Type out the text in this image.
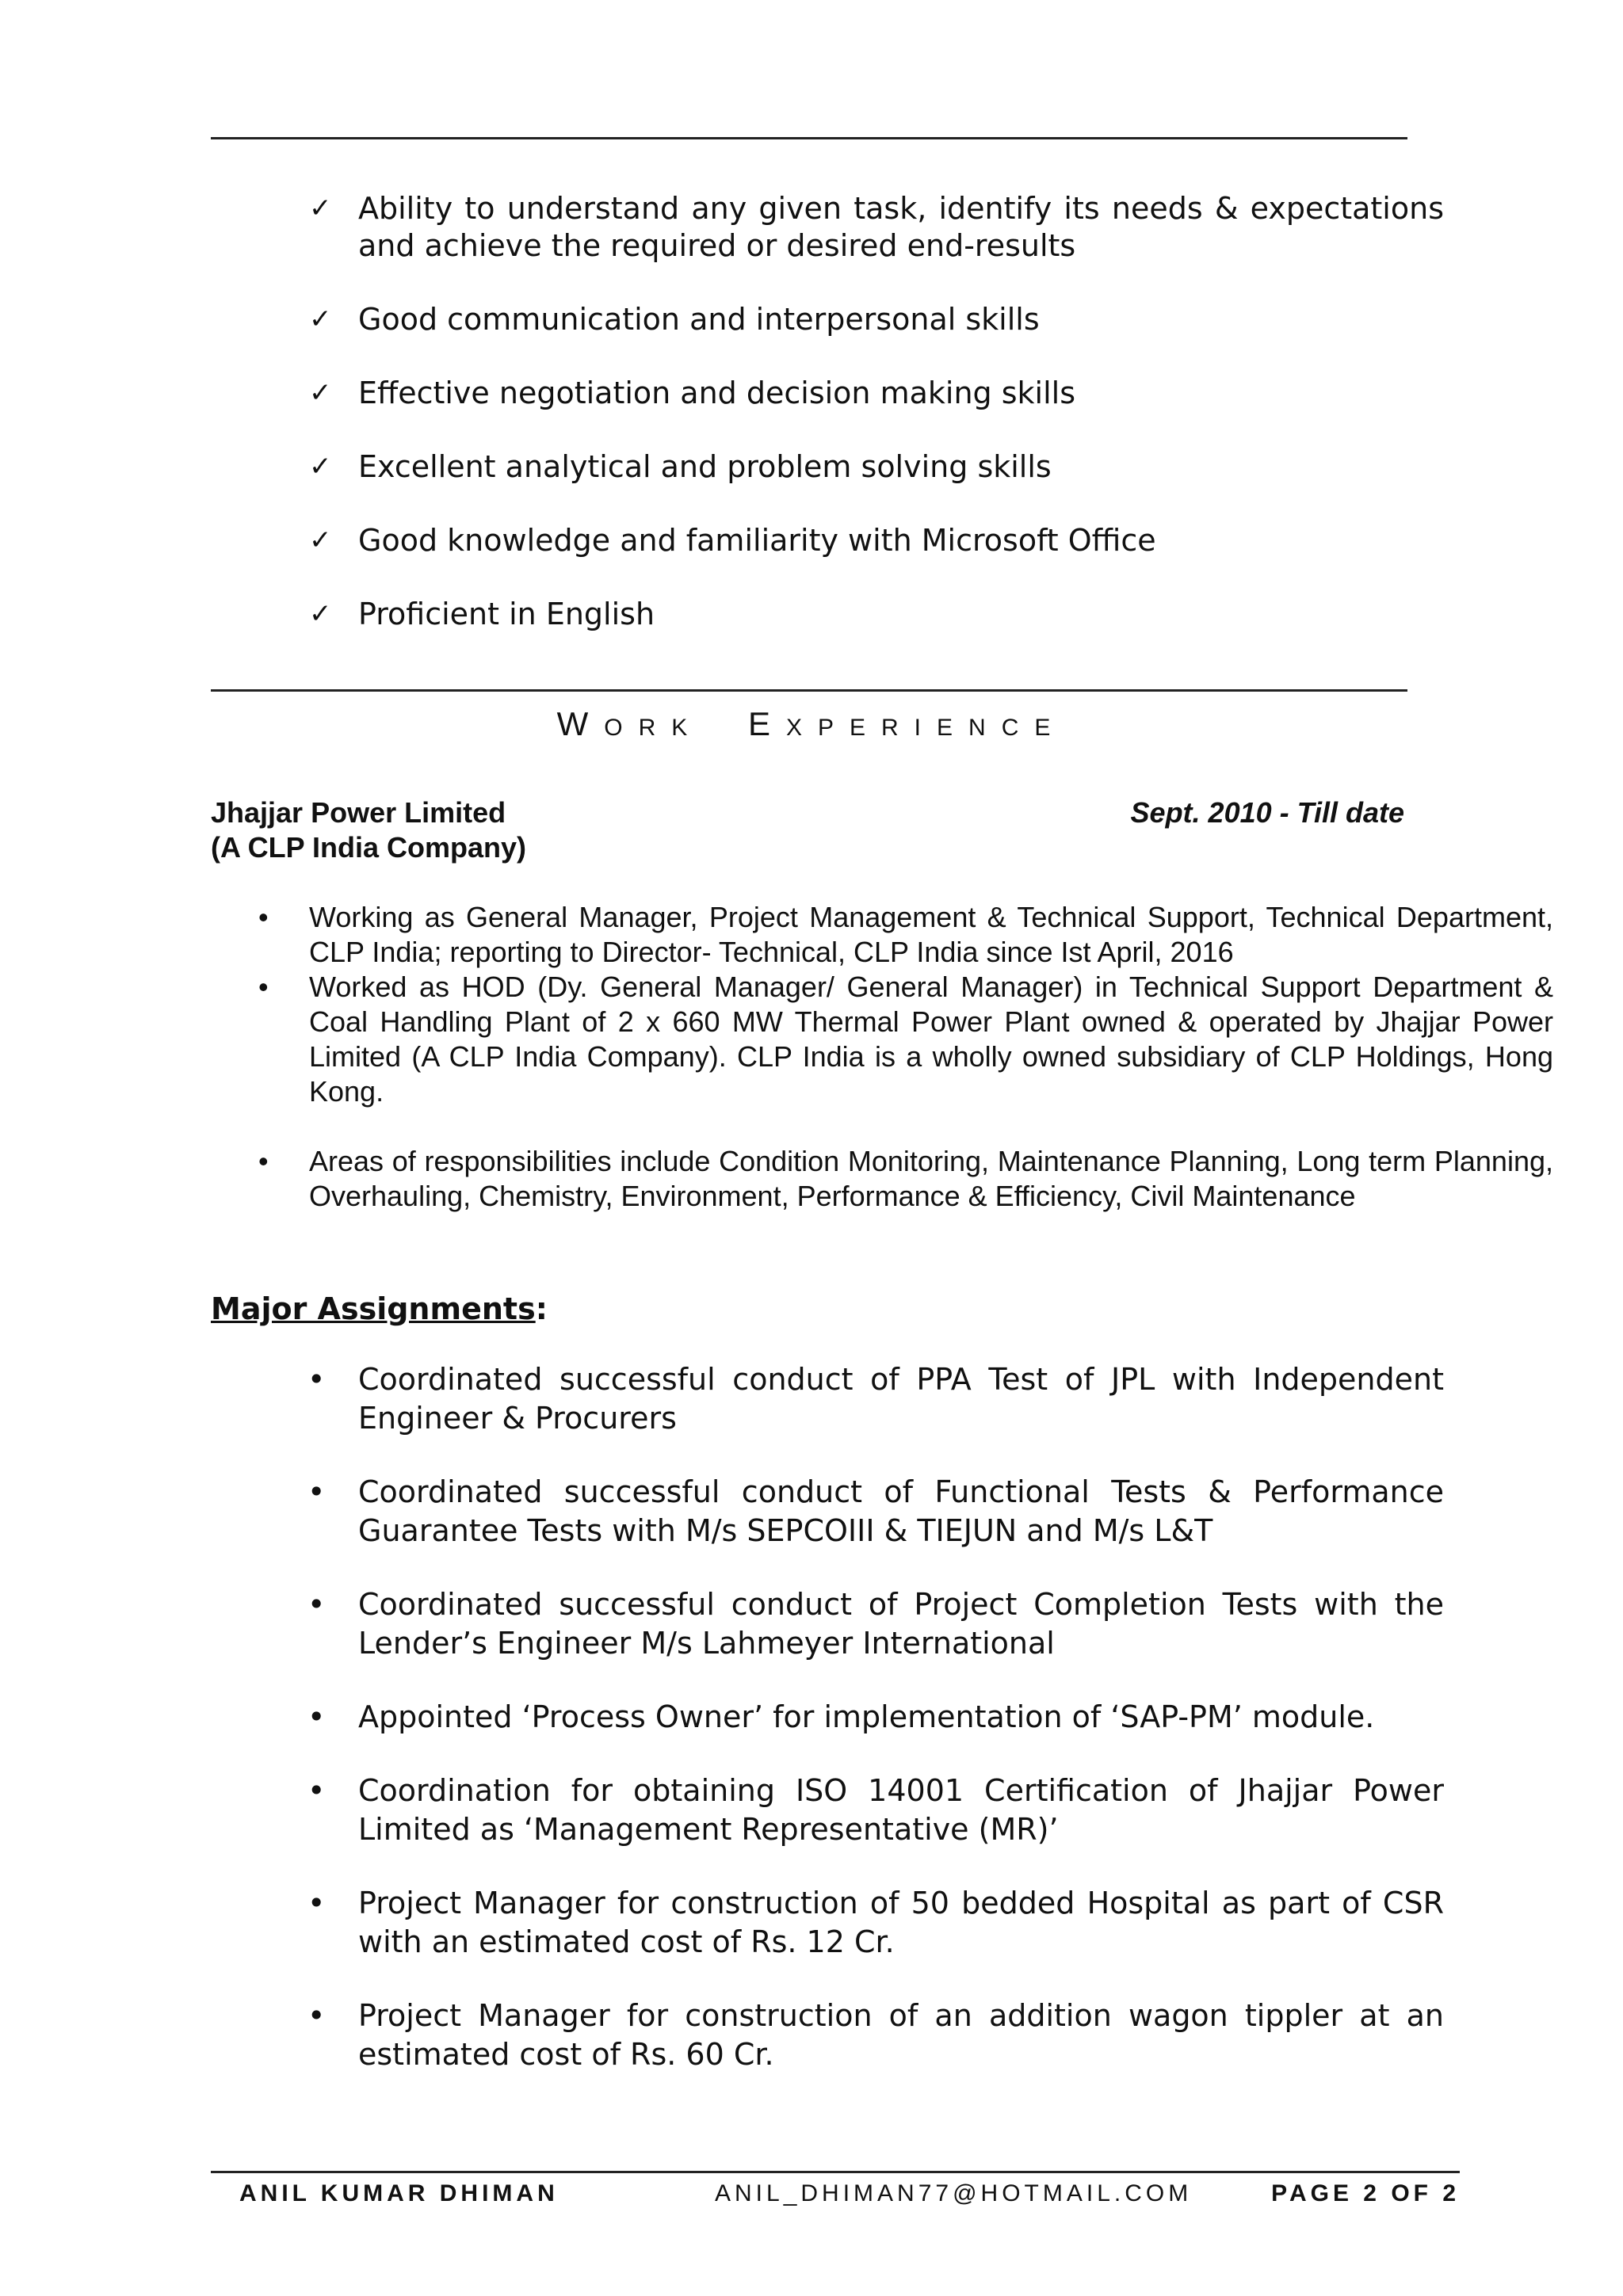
✓ Ability to understand any given task, identify its needs & expectations and achieve the required or desired end-results
✓ Good communication and interpersonal skills
✓ Effective negotiation and decision making skills
✓ Excellent analytical and problem solving skills
✓ Good knowledge and familiarity with Microsoft Office
✓ Proficient in English
WORK EXPERIENCE
Jhajjar Power Limited
(A CLP India Company)
Sept. 2010 - Till date
• Working as General Manager, Project Management & Technical Support, Technical Department, CLP India; reporting to Director- Technical, CLP India since Ist April, 2016
• Worked as HOD (Dy. General Manager/ General Manager) in Technical Support Department & Coal Handling Plant of 2 x 660 MW Thermal Power Plant owned & operated by Jhajjar Power Limited (A CLP India Company). CLP India is a wholly owned subsidiary of CLP Holdings, Hong Kong.
• Areas of responsibilities include Condition Monitoring, Maintenance Planning, Long term Planning, Overhauling, Chemistry, Environment, Performance & Efficiency, Civil Maintenance
Major Assignments:
• Coordinated successful conduct of PPA Test of JPL with Independent Engineer & Procurers
• Coordinated successful conduct of Functional Tests & Performance Guarantee Tests with M/s SEPCOIII & TIEJUN and M/s L&T
• Coordinated successful conduct of Project Completion Tests with the Lender’s Engineer M/s Lahmeyer International
• Appointed ‘Process Owner’ for implementation of ‘SAP-PM’ module.
• Coordination for obtaining ISO 14001 Certification of Jhajjar Power Limited as ‘Management Representative (MR)’
• Project Manager for construction of 50 bedded Hospital as part of CSR with an estimated cost of Rs. 12 Cr.
• Project Manager for construction of an addition wagon tippler at an estimated cost of Rs. 60 Cr.
ANIL KUMAR DHIMAN	ANIL_DHIMAN77@HOTMAIL.COM	PAGE 2 OF 2
